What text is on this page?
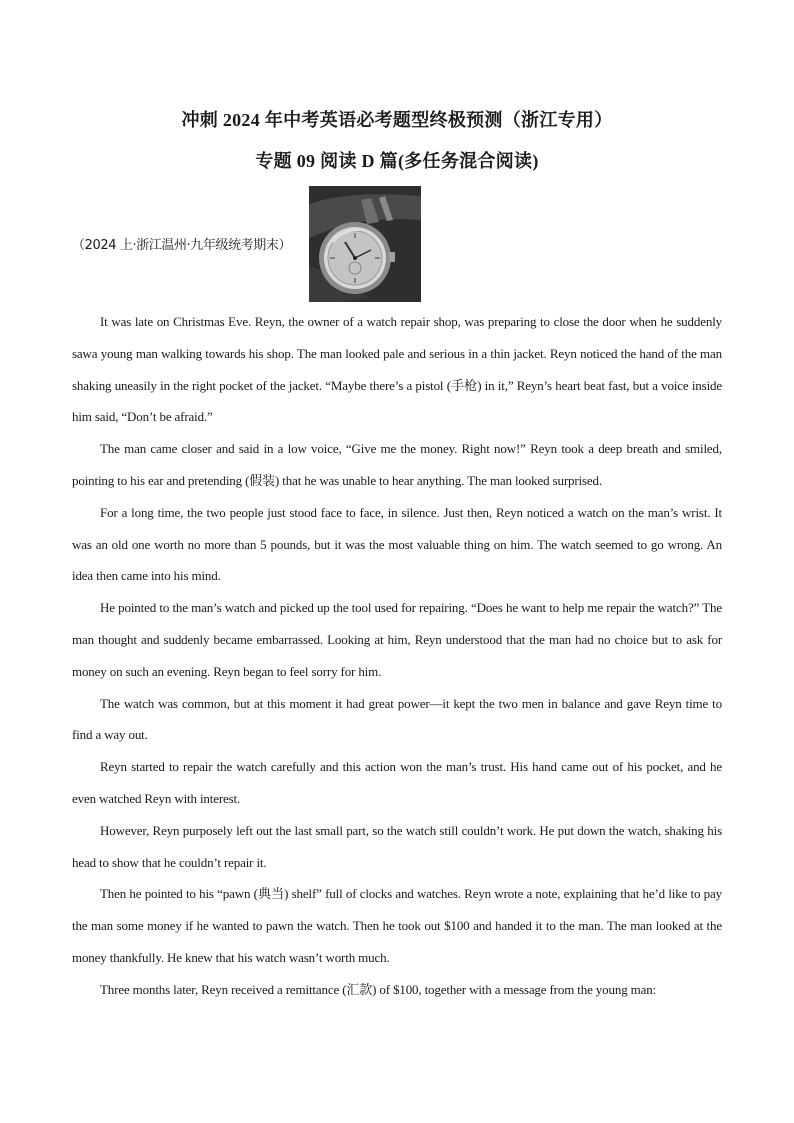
冲刺 2024 年中考英语必考题型终极预测（浙江专用）
专题 09 阅读 D 篇(多任务混合阅读)
（2024 上·浙江温州·九年级统考期末）

It was late on Christmas Eve. Reyn, the owner of a watch repair shop, was preparing to close the door when he suddenly sawa young man walking towards his shop. The man looked pale and serious in a thin jacket. Reyn noticed the hand of the man shaking uneasily in the right pocket of the jacket. “Maybe there’s a pistol (手枪) in it,” Reyn’s heart beat fast, but a voice inside him said, “Don’t be afraid.”

The man came closer and said in a low voice, “Give me the money. Right now!” Reyn took a deep breath and smiled, pointing to his ear and pretending (假装) that he was unable to hear anything. The man looked surprised.

For a long time, the two people just stood face to face, in silence. Just then, Reyn noticed a watch on the man’s wrist. It was an old one worth no more than 5 pounds, but it was the most valuable thing on him. The watch seemed to go wrong. An idea then came into his mind.

He pointed to the man’s watch and picked up the tool used for repairing. “Does he want to help me repair the watch?” The man thought and suddenly became embarrassed. Looking at him, Reyn understood that the man had no choice but to ask for money on such an evening. Reyn began to feel sorry for him.

The watch was common, but at this moment it had great power—it kept the two men in balance and gave Reyn time to find a way out.

Reyn started to repair the watch carefully and this action won the man’s trust. His hand came out of his pocket, and he even watched Reyn with interest.

However, Reyn purposely left out the last small part, so the watch still couldn’t work. He put down the watch, shaking his head to show that he couldn’t repair it.

Then he pointed to his “pawn (典当) shelf” full of clocks and watches. Reyn wrote a note, explaining that he’d like to pay the man some money if he wanted to pawn the watch. Then he took out $100 and handed it to the man. The man looked at the money thankfully. He knew that his watch wasn’t worth much.

Three months later, Reyn received a remittance (汇款) of $100, together with a message from the young man:
